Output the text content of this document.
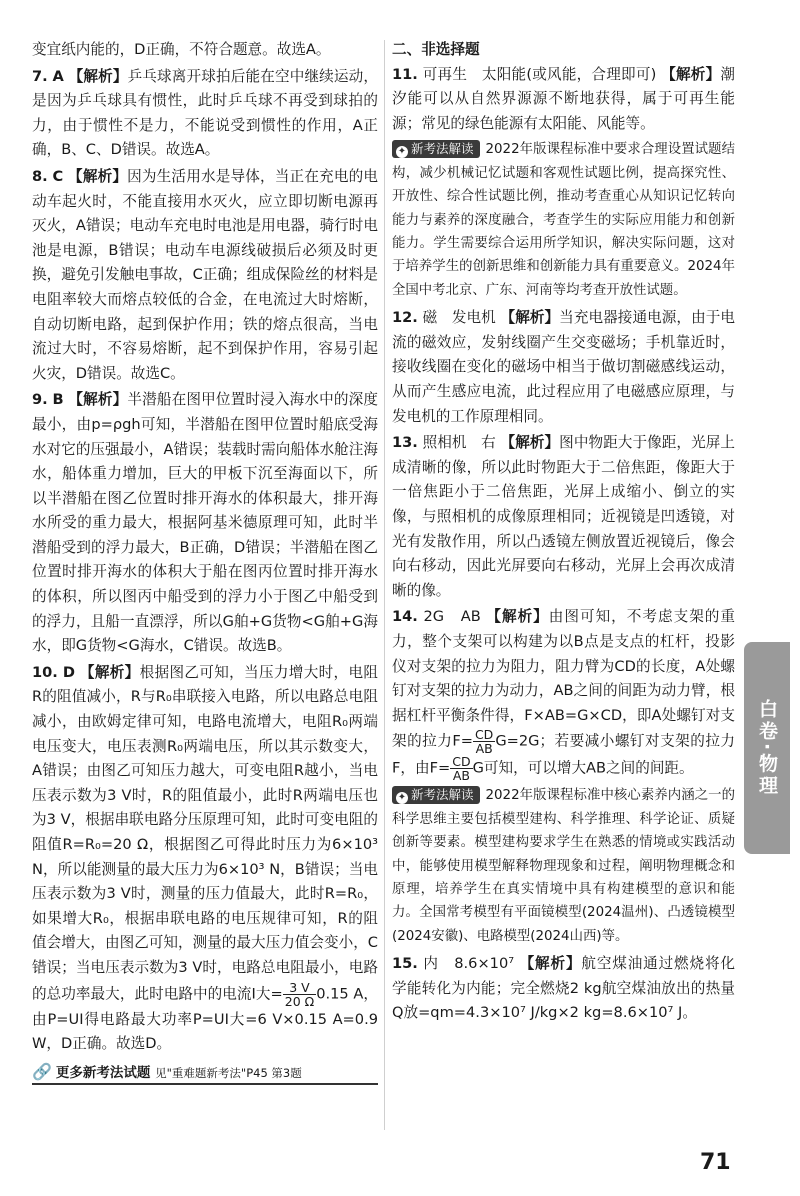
变宜纸内能的，D正确，不符合题意。故选A。

7. A 【解析】乒乓球离开球拍后能在空中继续运动，是因为乒乓球具有惯性，此时乒乓球不再受到球拍的力，由于惯性不是力，不能说受到惯性的作用，A正确，B、C、D错误。故选A。

8. C 【解析】因为生活用水是导体，当正在充电的电动车起火时，不能直接用水灭火，应立即切断电源再灭火，A错误；电动车充电时电池是用电器，骑行时电池是电源，B错误；电动车电源线破损后必须及时更换，避免引发触电事故，C正确；组成保险丝的材料是电阻率较大而熔点较低的合金，在电流过大时熔断，自动切断电路，起到保护作用；铁的熔点很高，当电流过大时，不容易熔断，起不到保护作用，容易引起火灾，D错误。故选C。

9. B 【解析】半潜船在图甲位置时浸入海水中的深度最小，由p=ρgh可知，半潜船在图甲位置时船底受海水对它的压强最小，A错误；装载时需向船体水舱注海水，船体重力增加，巨大的甲板下沉至海面以下，所以半潜船在图乙位置时排开海水的体积最大，排开海水所受的重力最大，根据阿基米德原理可知，此时半潜船受到的浮力最大，B正确，D错误；半潜船在图乙位置时排开海水的体积大于船在图丙位置时排开海水的体积，所以图丙中船受到的浮力小于图乙中船受到的浮力，且船一直漂浮，所以G舶+G货物<G舶+G海水，即G货物<G海水，C错误。故选B。

10. D 【解析】根据图乙可知，当压力增大时，电阻R的阻值减小，R与R₀串联接入电路，所以电路总电阻减小，由欧姆定律可知，电路电流增大，电阻R₀两端电压变大，电压表测R₀两端电压，所以其示数变大，A错误；由图乙可知压力越大，可变电阻R越小，当电压表示数为3 V时，R的阻值最小，此时R两端电压也为3 V，根据串联电路分压原理可知，此时可变电阻的阻值R=R₀=20 Ω，根据图乙可得此时压力为6×10³ N，所以能测量的最大压力为6×10³ N，B错误；当电压表示数为3 V时，测量的压力值最大，此时R=R₀，如果增大R₀，根据串联电路的电压规律可知，R的阻值会增大，由图乙可知，测量的最大压力值会变小，C错误；当电压表示数为3 V时，电路总电阻最小，电路的总功率最大，此时电路中的电流I大= $\frac{3 V}{20 \Omega} 0.15$ A，由P=UI得电路最大功率P=UI大=6 V×0.15 A=0.9 W，D正确。故选D。

🔗 更多新考法试题 见"重难题新考法"P45 第3题

二、非选择题

11. 可再生　太阳能(或风能，合理即可) 【解析】潮汐能可以从自然界源源不断地获得，属于可再生能源；常见的绿色能源有太阳能、风能等。

✦ 新考法解读 2022年版课程标准中要求合理设置试题结构，减少机械记忆试题和客观性试题比例，提高探究性、开放性、综合性试题比例，推动考查重心从知识记忆转向能力与素养的深度融合，考查学生的实际应用能力和创新能力。学生需要综合运用所学知识，解决实际问题，这对于培养学生的创新思维和创新能力具有重要意义。2024年全国中考北京、广东、河南等均考查开放性试题。

12. 磁　发电机 【解析】当充电器接通电源，由于电流的磁效应，发射线圈产生交变磁场；手机靠近时，接收线圈在变化的磁场中相当于做切割磁感线运动，从而产生感应电流，此过程应用了电磁感应原理，与发电机的工作原理相同。

13. 照相机　右 【解析】图中物距大于像距，光屏上成清晰的像，所以此时物距大于二倍焦距，像距大于一倍焦距小于二倍焦距，光屏上成缩小、倒立的实像，与照相机的成像原理相同；近视镜是凹透镜，对光有发散作用，所以凸透镜左侧放置近视镜后，像会向右移动，因此光屏要向右移动，光屏上会再次成清晰的像。

14. 2G　AB 【解析】由图可知，不考虑支架的重力，整个支架可以构建为以B点是支点的杠杆，投影仪对支架的拉力为阻力，阻力臂为CD的长度，A处螺钉对支架的拉力为动力，AB之间的间距为动力臂，根据杠杆平衡条件得，F×AB=G×CD，即A处螺钉对支架的拉力$F= \frac{CD}{AB} G=2G$；若要减小螺钉对支架的拉力F，由$F= \frac{CD}{AB}$ G可知，可以增大AB之间的间距。

✦ 新考法解读 2022年版课程标准中核心素养内涵之一的科学思维主要包括模型建构、科学推理、科学论证、质疑创新等要素。模型建构要求学生在熟悉的情境或实践活动中，能够使用模型解释物理现象和过程，阐明物理概念和原理，培养学生在真实情境中具有构建模型的意识和能力。全国常考模型有平面镜模型(2024温州)、凸透镜模型(2024安徽)、电路模型(2024山西)等。

15. 内　8.6×10⁷ 【解析】航空煤油通过燃烧将化学能转化为内能；完全燃烧2 kg航空煤油放出的热量Q放=qm=4.3×10⁷ J/kg×2 kg=8.6×10⁷ J。

白卷·物理
71
